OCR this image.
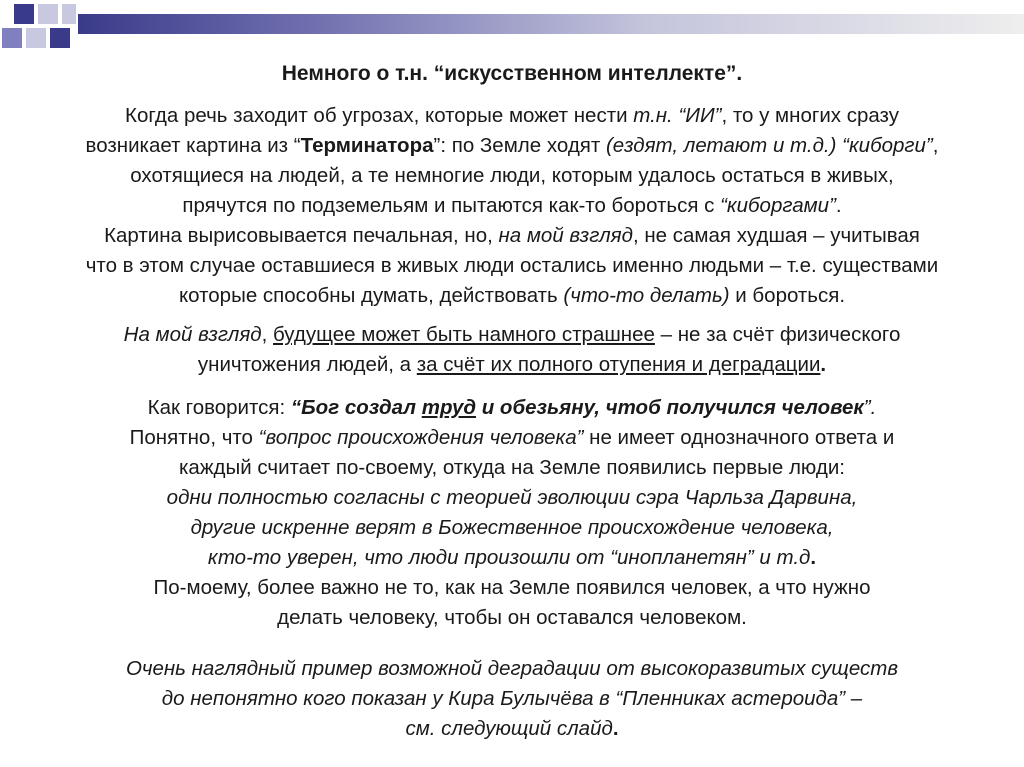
Немного о т.н. “искусственном интеллекте”.
Когда речь заходит об угрозах, которые может нести т.н. “ИИ”, то у многих сразу
возникает картина из “Терминатора”: по Земле ходят (ездят, летают и т.д.) “киборги”,
охотящиеся на людей, а те немногие люди, которым удалось остаться в живых,
прячутся по подземельям и пытаются как-то бороться с “киборгами”.
Картина вырисовывается печальная, но, на мой взгляд, не самая худшая – учитывая
что в этом случае оставшиеся в живых люди остались именно людьми – т.е. существами
которые способны думать, действовать (что-то делать) и бороться.
На мой взгляд, будущее может быть намного страшнее – не за счёт физического
уничтожения людей, а за счёт их полного отупения и деградации.
Как говорится: “Бог создал труд и обезьяну, чтоб получился человек”.
Понятно, что “вопрос происхождения человека” не имеет однозначного ответа и
каждый считает по-своему, откуда на Земле появились первые люди:
одни полностью согласны с теорией эволюции сэра Чарльза Дарвина,
другие искренне верят в Божественное происхождение человека,
кто-то уверен, что люди произошли от “инопланетян” и т.д.
По-моему, более важно не то, как на Земле появился человек, а что нужно
делать человеку, чтобы он оставался человеком.
Очень наглядный пример возможной деградации от высокоразвитых существ
до непонятно кого показан у Кира Булычёва в “Пленниках астероида” –
см. следующий слайд.
